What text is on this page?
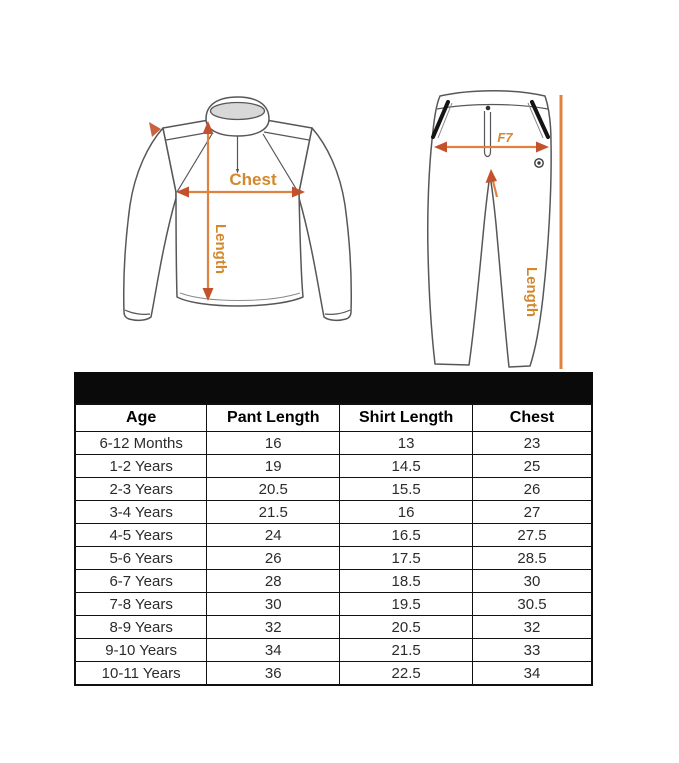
Chest
Length
F7
Length
Age	Pant Length	Shirt Length	Chest
6-12 Months	16	13	23
1-2 Years	19	14.5	25
2-3 Years	20.5	15.5	26
3-4 Years	21.5	16	27
4-5 Years	24	16.5	27.5
5-6 Years	26	17.5	28.5
6-7 Years	28	18.5	30
7-8 Years	30	19.5	30.5
8-9 Years	32	20.5	32
9-10 Years	34	21.5	33
10-11 Years	36	22.5	34
